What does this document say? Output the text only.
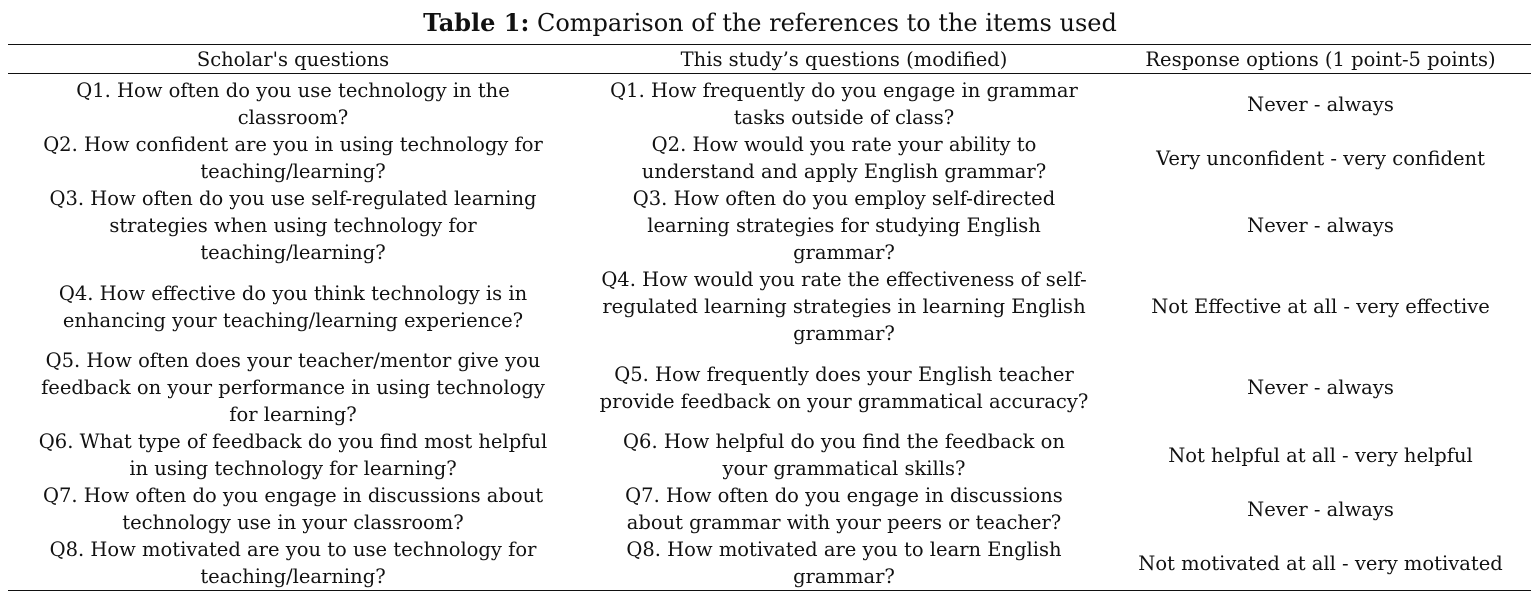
Table 1: Comparison of the references to the items used
Scholar's questions	This study’s questions (modified)	Response options (1 point-5 points)
Q1. How often do you use technology in the classroom?	Q1. How frequently do you engage in grammar tasks outside of class?	Never - always
Q2. How confident are you in using technology for teaching/learning?	Q2. How would you rate your ability to understand and apply English grammar?	Very unconfident - very confident
Q3. How often do you use self-regulated learning strategies when using technology for teaching/learning?	Q3. How often do you employ self-directed learning strategies for studying English grammar?	Never - always
Q4. How effective do you think technology is in enhancing your teaching/learning experience?	Q4. How would you rate the effectiveness of self-regulated learning strategies in learning English grammar?	Not Effective at all - very effective
Q5. How often does your teacher/mentor give you feedback on your performance in using technology for learning?	Q5. How frequently does your English teacher provide feedback on your grammatical accuracy?	Never - always
Q6. What type of feedback do you find most helpful in using technology for learning?	Q6. How helpful do you find the feedback on your grammatical skills?	Not helpful at all - very helpful
Q7. How often do you engage in discussions about technology use in your classroom?	Q7. How often do you engage in discussions about grammar with your peers or teacher?	Never - always
Q8. How motivated are you to use technology for teaching/learning?	Q8. How motivated are you to learn English grammar?	Not motivated at all - very motivated
